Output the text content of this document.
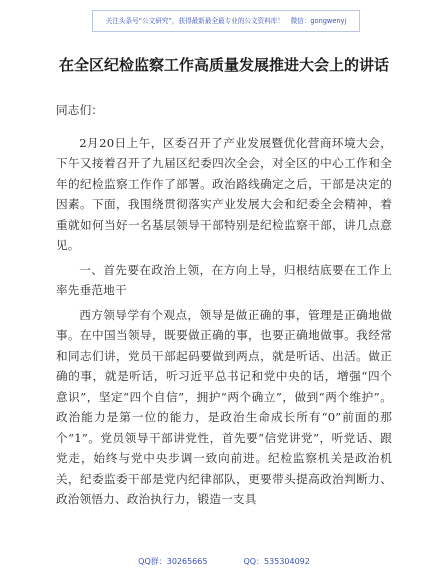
关注头条号“公文研究”，获得最新最全最专业的公文资料库！　微信：gongwenyj
在全区纪检监察工作高质量发展推进大会上的讲话

同志们：

2月20日上午，区委召开了产业发展暨优化营商环境大会，下午又接着召开了九届区纪委四次全会，对全区的中心工作和全年的纪检监察工作作了部署。政治路线确定之后，干部是决定的因素。下面，我围绕贯彻落实产业发展大会和纪委全会精神，着重就如何当好一名基层领导干部特别是纪检监察干部，讲几点意见。

一、首先要在政治上领，在方向上导，归根结底要在工作上率先垂范地干

西方领导学有个观点，领导是做正确的事，管理是正确地做事。在中国当领导，既要做正确的事，也要正确地做事。我经常和同志们讲，党员干部起码要做到两点，就是听话、出活。做正确的事，就是听话，听习近平总书记和党中央的话，增强“四个意识”，坚定“四个自信”，拥护“两个确立”，做到“两个维护”。政治能力是第一位的能力，是政治生命成长所有“0”前面的那个“1”。党员领导干部讲党性，首先要“信党讲党”，听党话、跟党走，始终与党中央步调一致向前进。纪检监察机关是政治机关，纪委监委干部是党内纪律部队，更要带头提高政治判断力、政治领悟力、政治执行力，锻造一支具

QQ群：30265665	QQ：535304092
